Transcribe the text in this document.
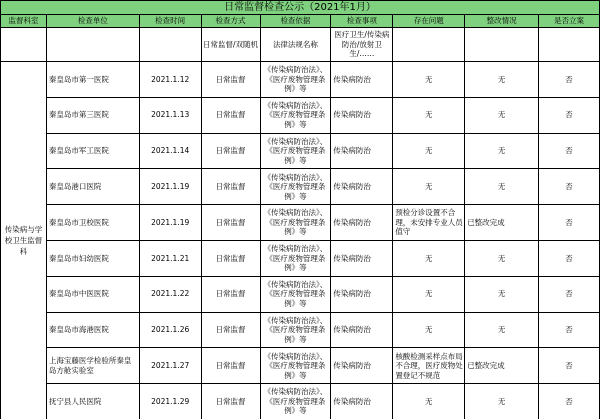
日常监督检查公示（2021年1月）								
监督科室	检查单位	检查时间	检查方式	检查依据	检查事项	存在问题	整改情况	是否立案
			日常监督/双随机	法律法规名称	医疗卫生/传染病防治/放射卫生/……			
传染病与学校卫生监督科	秦皇岛市第一医院	2021.1.12	日常监督	《传染病防治法》、《医疗废物管理条例》等	传染病防治	无	无	否
	秦皇岛市第三医院	2021.1.13	日常监督	《传染病防治法》、《医疗废物管理条例》等	传染病防治	无	无	否
	秦皇岛市军工医院	2021.1.14	日常监督	《传染病防治法》、《医疗废物管理条例》等	传染病防治	无	无	否
	秦皇岛港口医院	2021.1.19	日常监督	《传染病防治法》、《医疗废物管理条例》等	传染病防治	无	无	否
	秦皇岛市卫校医院	2021.1.19	日常监督	《传染病防治法》、《医疗废物管理条例》等	传染病防治	预检分诊设置不合理，未安排专业人员值守	已整改完成	否
	秦皇岛市妇幼医院	2021.1.21	日常监督	《传染病防治法》、《医疗废物管理条例》等	传染病防治	无	无	否
	秦皇岛市中医医院	2021.1.22	日常监督	《传染病防治法》、《医疗废物管理条例》等	传染病防治	无	无	否
	秦皇岛市海港医院	2021.1.26	日常监督	《传染病防治法》、《医疗废物管理条例》等	传染病防治	无	无	否
	上海宝藤医学检验所秦皇岛方舱实验室	2021.1.27	日常监督	《传染病防治法》、《医疗废物管理条例》等	传染病防治	核酸检测采样点布局不合理，医疗废物处置登记不规范	已整改完成	否
	抚宁县人民医院	2021.1.29	日常监督	《传染病防治法》、《医疗废物管理条例》等	传染病防治	无	无	否
